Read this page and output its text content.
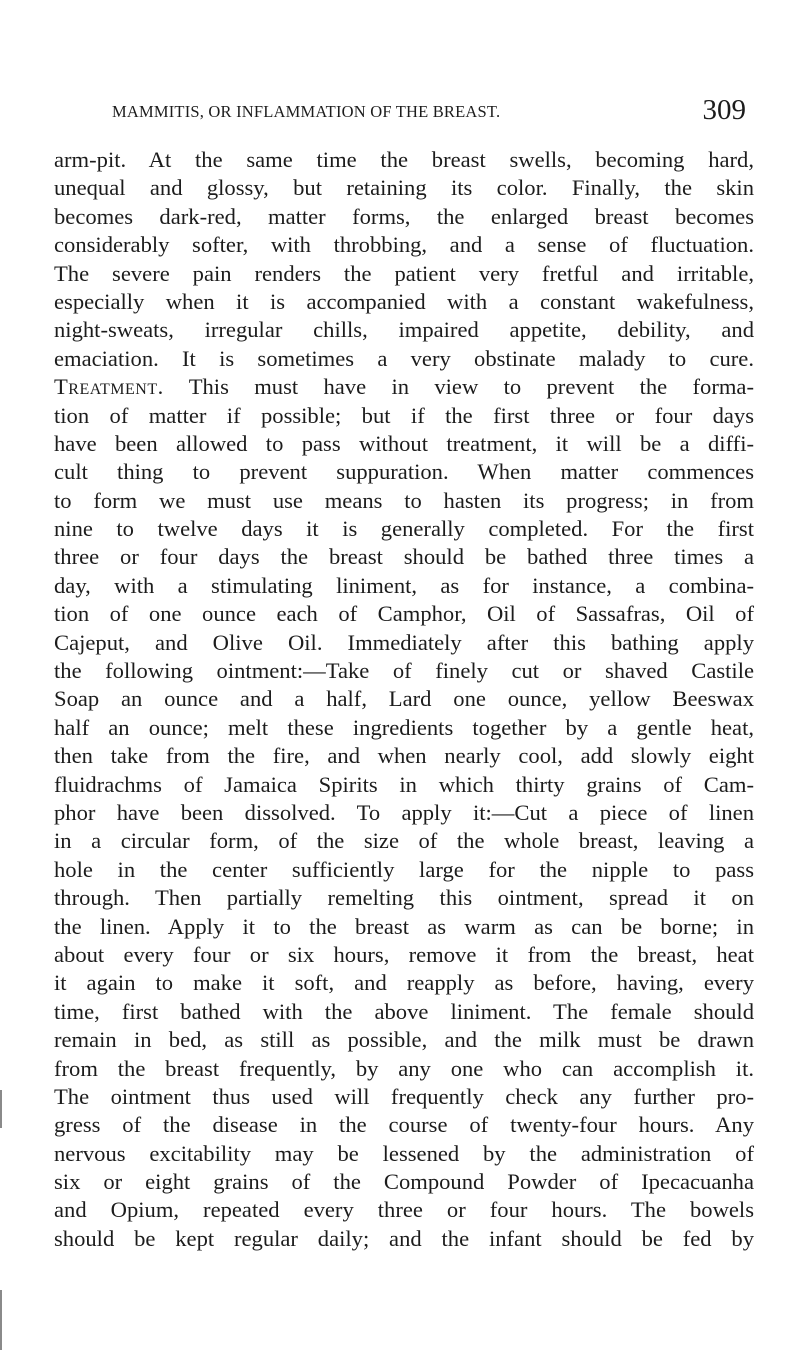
MAMMITIS, OR INFLAMMATION OF THE BREAST.	309
arm-pit. At the same time the breast swells, becoming hard,
unequal and glossy, but retaining its color. Finally, the skin
becomes dark-red, matter forms, the enlarged breast becomes
considerably softer, with throbbing, and a sense of fluctuation.
The severe pain renders the patient very fretful and irritable,
especially when it is accompanied with a constant wakefulness,
night-sweats, irregular chills, impaired appetite, debility, and
emaciation. It is sometimes a very obstinate malady to cure.
Treatment. This must have in view to prevent the forma-
tion of matter if possible; but if the first three or four days
have been allowed to pass without treatment, it will be a diffi-
cult thing to prevent suppuration. When matter commences
to form we must use means to hasten its progress; in from
nine to twelve days it is generally completed. For the first
three or four days the breast should be bathed three times a
day, with a stimulating liniment, as for instance, a combina-
tion of one ounce each of Camphor, Oil of Sassafras, Oil of
Cajeput, and Olive Oil. Immediately after this bathing apply
the following ointment:—Take of finely cut or shaved Castile
Soap an ounce and a half, Lard one ounce, yellow Beeswax
half an ounce; melt these ingredients together by a gentle heat,
then take from the fire, and when nearly cool, add slowly eight
fluidrachms of Jamaica Spirits in which thirty grains of Cam-
phor have been dissolved. To apply it:—Cut a piece of linen
in a circular form, of the size of the whole breast, leaving a
hole in the center sufficiently large for the nipple to pass
through. Then partially remelting this ointment, spread it on
the linen. Apply it to the breast as warm as can be borne; in
about every four or six hours, remove it from the breast, heat
it again to make it soft, and reapply as before, having, every
time, first bathed with the above liniment. The female should
remain in bed, as still as possible, and the milk must be drawn
from the breast frequently, by any one who can accomplish it.
The ointment thus used will frequently check any further pro-
gress of the disease in the course of twenty-four hours. Any
nervous excitability may be lessened by the administration of
six or eight grains of the Compound Powder of Ipecacuanha
and Opium, repeated every three or four hours. The bowels
should be kept regular daily; and the infant should be fed by
